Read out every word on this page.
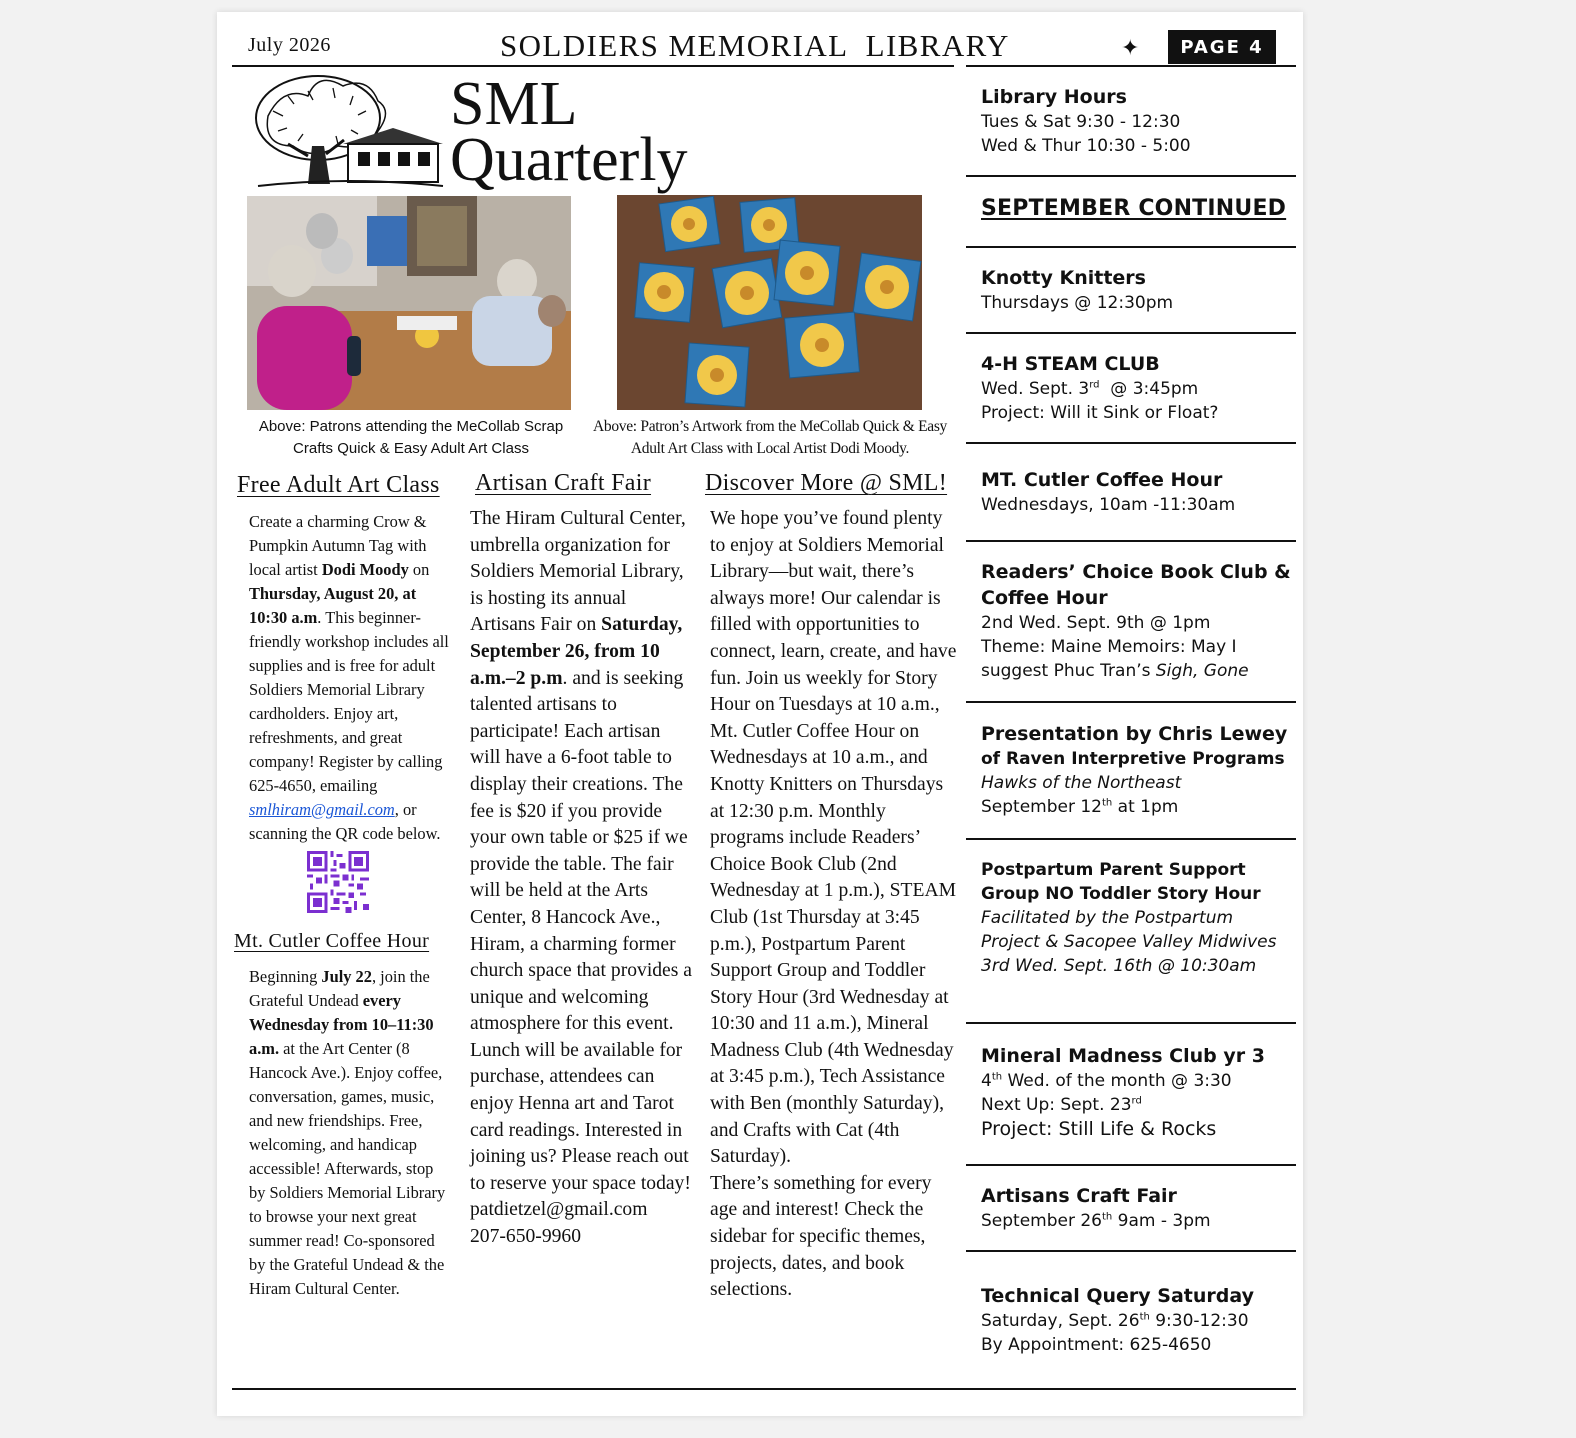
July 2026	SOLDIERS MEMORIAL  LIBRARY	✦	PAGE 4
SML
Quarterly
Above: Patrons attending the MeCollab Scrap Crafts Quick & Easy Adult Art Class
Above: Patron’s Artwork from the MeCollab Quick & Easy Adult Art Class with Local Artist Dodi Moody.
Free Adult Art Class
Create a charming Crow & Pumpkin Autumn Tag with local artist Dodi Moody on Thursday, August 20, at 10:30 a.m. This beginner-friendly workshop includes all supplies and is free for adult Soldiers Memorial Library cardholders. Enjoy art, refreshments, and great company! Register by calling 625-4650, emailing smlhiram@gmail.com, or scanning the QR code below.
Mt. Cutler Coffee Hour
Beginning July 22, join the Grateful Undead every Wednesday from 10–11:30 a.m. at the Art Center (8 Hancock Ave.). Enjoy coffee, conversation, games, music, and new friendships. Free, welcoming, and handicap accessible! Afterwards, stop by Soldiers Memorial Library to browse your next great summer read! Co-sponsored by the Grateful Undead & the Hiram Cultural Center.
Artisan Craft Fair
The Hiram Cultural Center, umbrella organization for Soldiers Memorial Library, is hosting its annual Artisans Fair on Saturday, September 26, from 10 a.m.–2 p.m. and is seeking talented artisans to participate! Each artisan will have a 6-foot table to display their creations. The fee is $20 if you provide your own table or $25 if we provide the table. The fair will be held at the Arts Center, 8 Hancock Ave., Hiram, a charming former church space that provides a unique and welcoming atmosphere for this event.
Lunch will be available for purchase, attendees can enjoy Henna art and Tarot card readings. Interested in joining us? Please reach out to reserve your space today!
patdietzel@gmail.com
207-650-9960
Discover More @ SML!
We hope you’ve found plenty to enjoy at Soldiers Memorial Library—but wait, there’s always more! Our calendar is filled with opportunities to connect, learn, create, and have fun. Join us weekly for Story Hour on Tuesdays at 10 a.m., Mt. Cutler Coffee Hour on Wednesdays at 10 a.m., and Knotty Knitters on Thursdays at 12:30 p.m. Monthly programs include Readers’ Choice Book Club (2nd Wednesday at 1 p.m.), STEAM Club (1st Thursday at 3:45 p.m.), Postpartum Parent Support Group and Toddler Story Hour (3rd Wednesday at 10:30 and 11 a.m.), Mineral Madness Club (4th Wednesday at 3:45 p.m.), Tech Assistance with Ben (monthly Saturday), and Crafts with Cat (4th Saturday).
There’s something for every age and interest! Check the sidebar for specific themes, projects, dates, and book selections.
Library Hours
Tues & Sat 9:30 - 12:30
Wed & Thur 10:30 - 5:00
SEPTEMBER CONTINUED
Knotty Knitters
Thursdays @ 12:30pm
4-H STEAM CLUB
Wed. Sept. 3rd  @ 3:45pm
Project: Will it Sink or Float?
MT. Cutler Coffee Hour
Wednesdays, 10am -11:30am
Readers’ Choice Book Club & Coffee Hour
2nd Wed. Sept. 9th @ 1pm
Theme: Maine Memoirs: May I suggest Phuc Tran’s Sigh, Gone
Presentation by Chris Lewey
of Raven Interpretive Programs
Hawks of the Northeast
September 12th at 1pm
Postpartum Parent Support Group NO Toddler Story Hour
Facilitated by the Postpartum Project & Sacopee Valley Midwives
3rd Wed. Sept. 16th @ 10:30am
Mineral Madness Club yr 3
4th Wed. of the month @ 3:30
Next Up: Sept. 23rd
Project: Still Life & Rocks
Artisans Craft Fair
September 26th 9am - 3pm
Technical Query Saturday
Saturday, Sept. 26th 9:30-12:30
By Appointment: 625-4650
